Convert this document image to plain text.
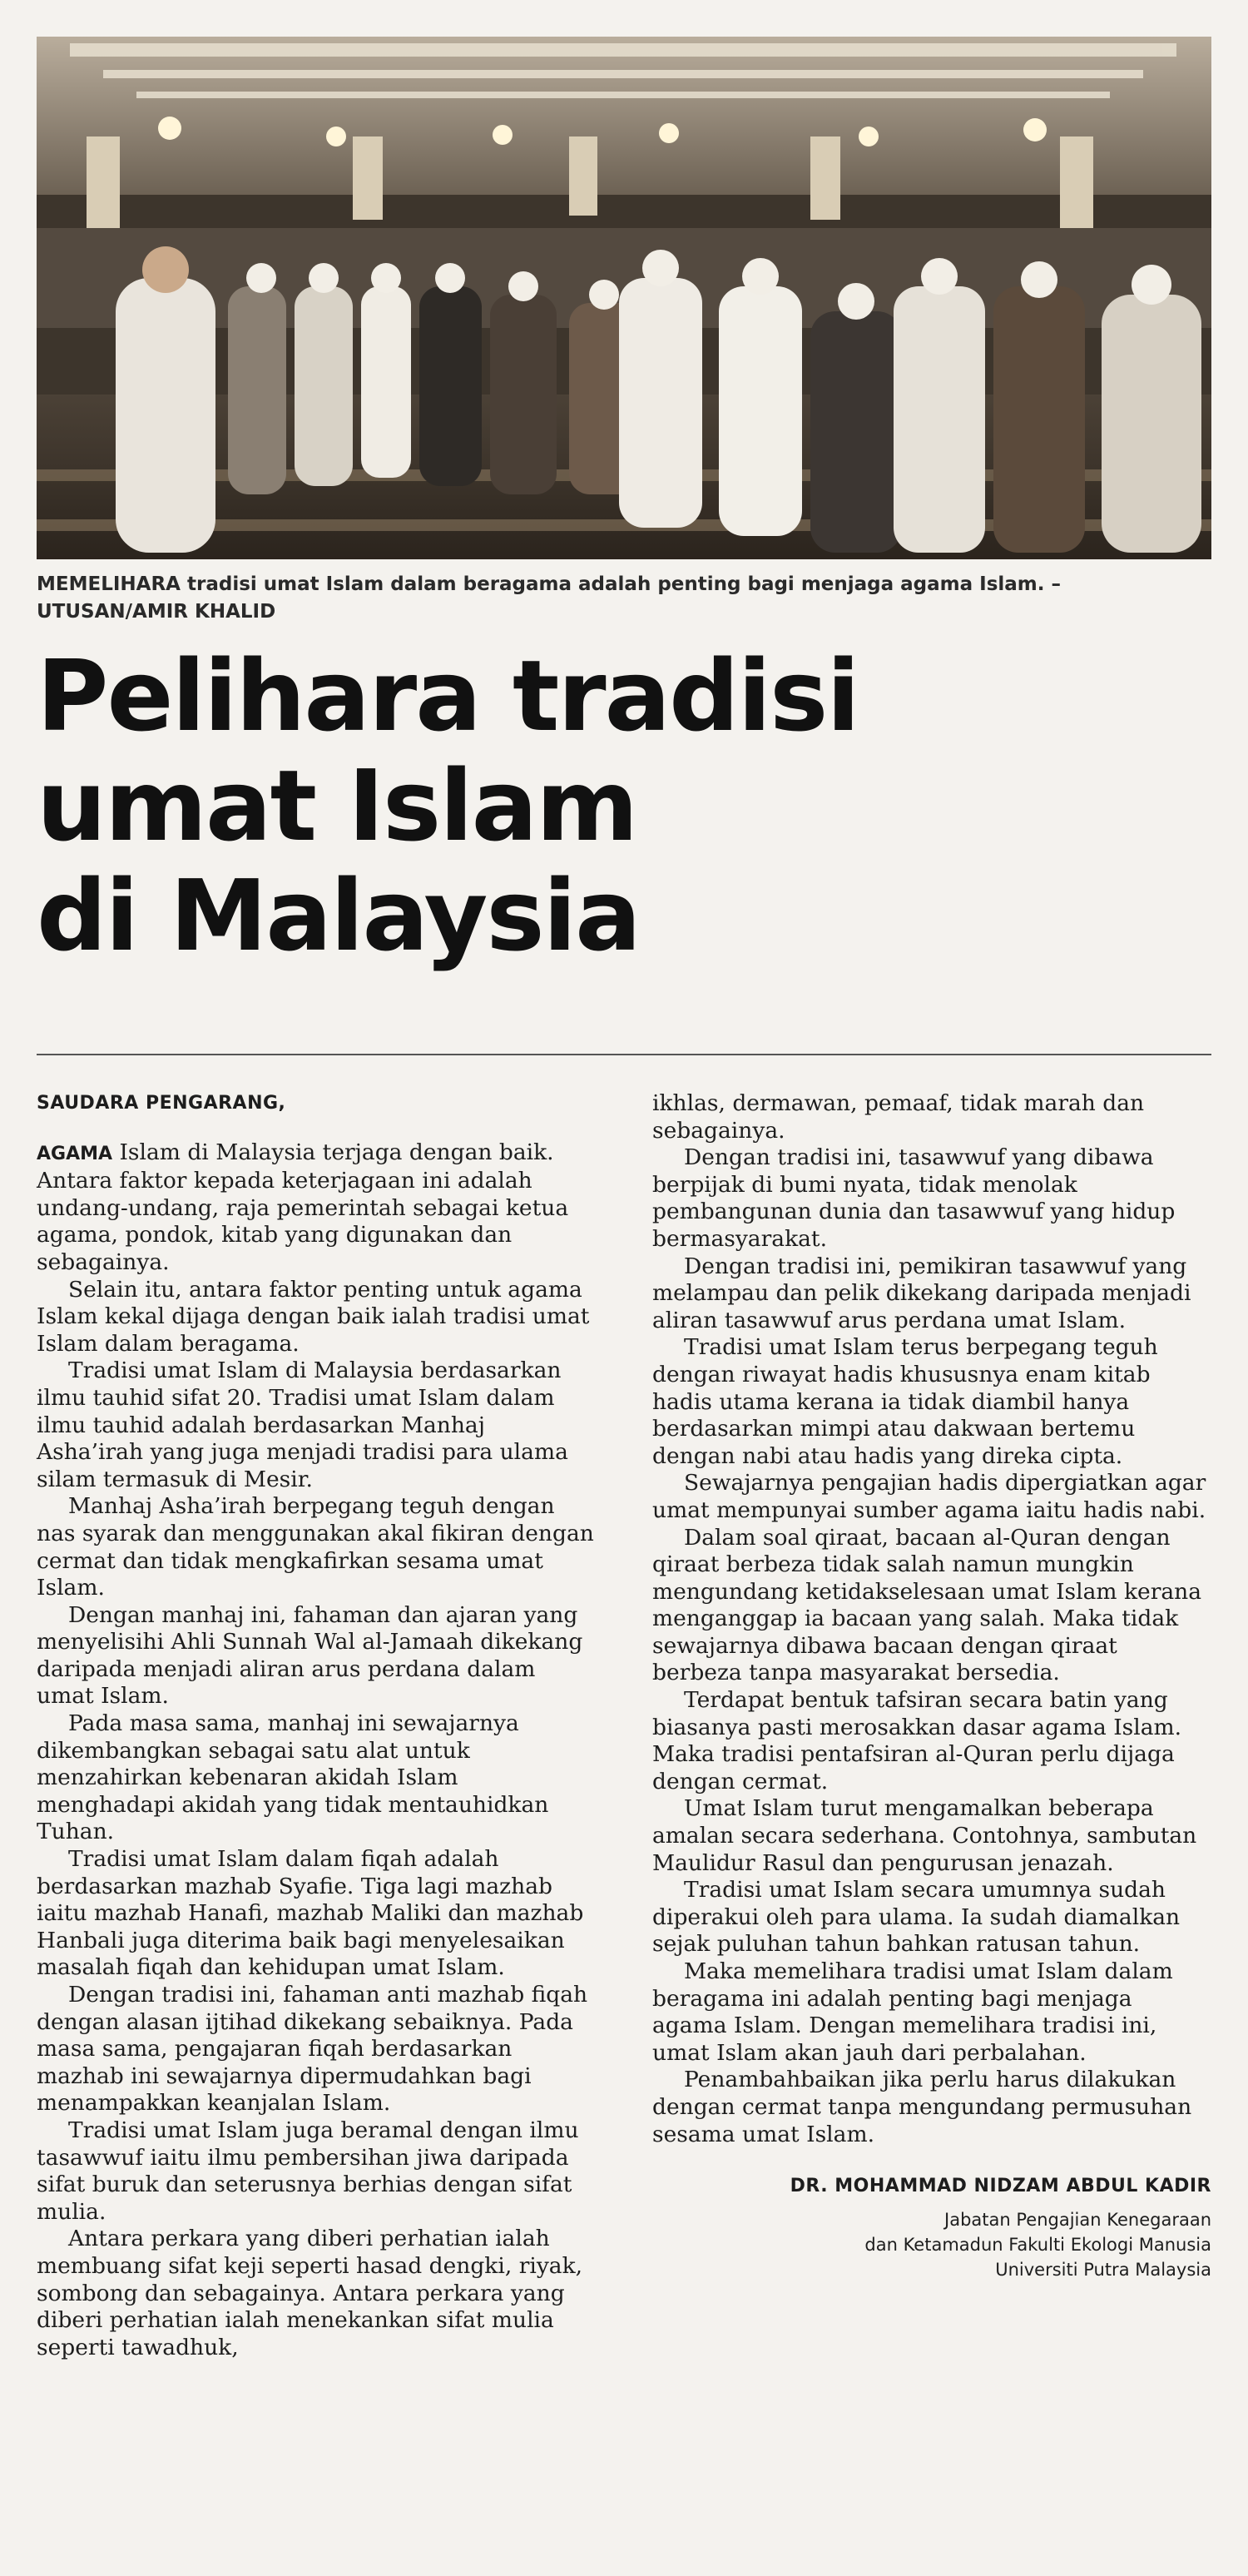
MEMELIHARA tradisi umat Islam dalam beragama adalah penting bagi menjaga agama Islam. – UTUSAN/AMIR KHALID
Pelihara tradisi
umat Islam
di Malaysia
SAUDARA PENGARANG,

AGAMA Islam di Malaysia terjaga dengan baik. Antara faktor kepada keterjagaan ini adalah undang-undang, raja pemerintah sebagai ketua agama, pondok, kitab yang digunakan dan sebagainya.

Selain itu, antara faktor penting untuk agama Islam kekal dijaga dengan baik ialah tradisi umat Islam dalam beragama.

Tradisi umat Islam di Malaysia berdasarkan ilmu tauhid sifat 20. Tradisi umat Islam dalam ilmu tauhid adalah berdasarkan Manhaj Asha’irah yang juga menjadi tradisi para ulama silam termasuk di Mesir.

Manhaj Asha’irah berpegang teguh dengan nas syarak dan menggunakan akal fikiran dengan cermat dan tidak mengkafirkan sesama umat Islam.

Dengan manhaj ini, fahaman dan ajaran yang menyelisihi Ahli Sunnah Wal al-Jamaah dikekang daripada menjadi aliran arus perdana dalam umat Islam.

Pada masa sama, manhaj ini sewajarnya dikembangkan sebagai satu alat untuk menzahirkan kebenaran akidah Islam menghadapi akidah yang tidak mentauhidkan Tuhan.

Tradisi umat Islam dalam fiqah adalah berdasarkan mazhab Syafie. Tiga lagi mazhab iaitu mazhab Hanafi, mazhab Maliki dan mazhab Hanbali juga diterima baik bagi menyelesaikan masalah fiqah dan kehidupan umat Islam.

Dengan tradisi ini, fahaman anti mazhab fiqah dengan alasan ijtihad dikekang sebaiknya. Pada masa sama, pengajaran fiqah berdasarkan mazhab ini sewajarnya dipermudahkan bagi menampakkan keanjalan Islam.

Tradisi umat Islam juga beramal dengan ilmu tasawwuf iaitu ilmu pembersihan jiwa daripada sifat buruk dan seterusnya berhias dengan sifat mulia.

Antara perkara yang diberi perhatian ialah membuang sifat keji seperti hasad dengki, riyak, sombong dan sebagainya. Antara perkara yang diberi perhatian ialah menekankan sifat mulia seperti tawadhuk,

ikhlas, dermawan, pemaaf, tidak marah dan sebagainya.

Dengan tradisi ini, tasawwuf yang dibawa berpijak di bumi nyata, tidak menolak pembangunan dunia dan tasawwuf yang hidup bermasyarakat.

Dengan tradisi ini, pemikiran tasawwuf yang melampau dan pelik dikekang daripada menjadi aliran tasawwuf arus perdana umat Islam.

Tradisi umat Islam terus berpegang teguh dengan riwayat hadis khususnya enam kitab hadis utama kerana ia tidak diambil hanya berdasarkan mimpi atau dakwaan bertemu dengan nabi atau hadis yang direka cipta.

Sewajarnya pengajian hadis dipergiatkan agar umat mempunyai sumber agama iaitu hadis nabi.

Dalam soal qiraat, bacaan al-Quran dengan qiraat berbeza tidak salah namun mungkin mengundang ketidakselesaan umat Islam kerana menganggap ia bacaan yang salah. Maka tidak sewajarnya dibawa bacaan dengan qiraat berbeza tanpa masyarakat bersedia.

Terdapat bentuk tafsiran secara batin yang biasanya pasti merosakkan dasar agama Islam. Maka tradisi pentafsiran al-Quran perlu dijaga dengan cermat.

Umat Islam turut mengamalkan beberapa amalan secara sederhana. Contohnya, sambutan Maulidur Rasul dan pengurusan jenazah.

Tradisi umat Islam secara umumnya sudah diperakui oleh para ulama. Ia sudah diamalkan sejak puluhan tahun bahkan ratusan tahun.

Maka memelihara tradisi umat Islam dalam beragama ini adalah penting bagi menjaga agama Islam. Dengan memelihara tradisi ini, umat Islam akan jauh dari perbalahan.

Penambahbaikan jika perlu harus dilakukan dengan cermat tanpa mengundang permusuhan sesama umat Islam.

DR. MOHAMMAD NIDZAM ABDUL KADIR
Jabatan Pengajian Kenegaraan
dan Ketamadun Fakulti Ekologi Manusia
Universiti Putra Malaysia
